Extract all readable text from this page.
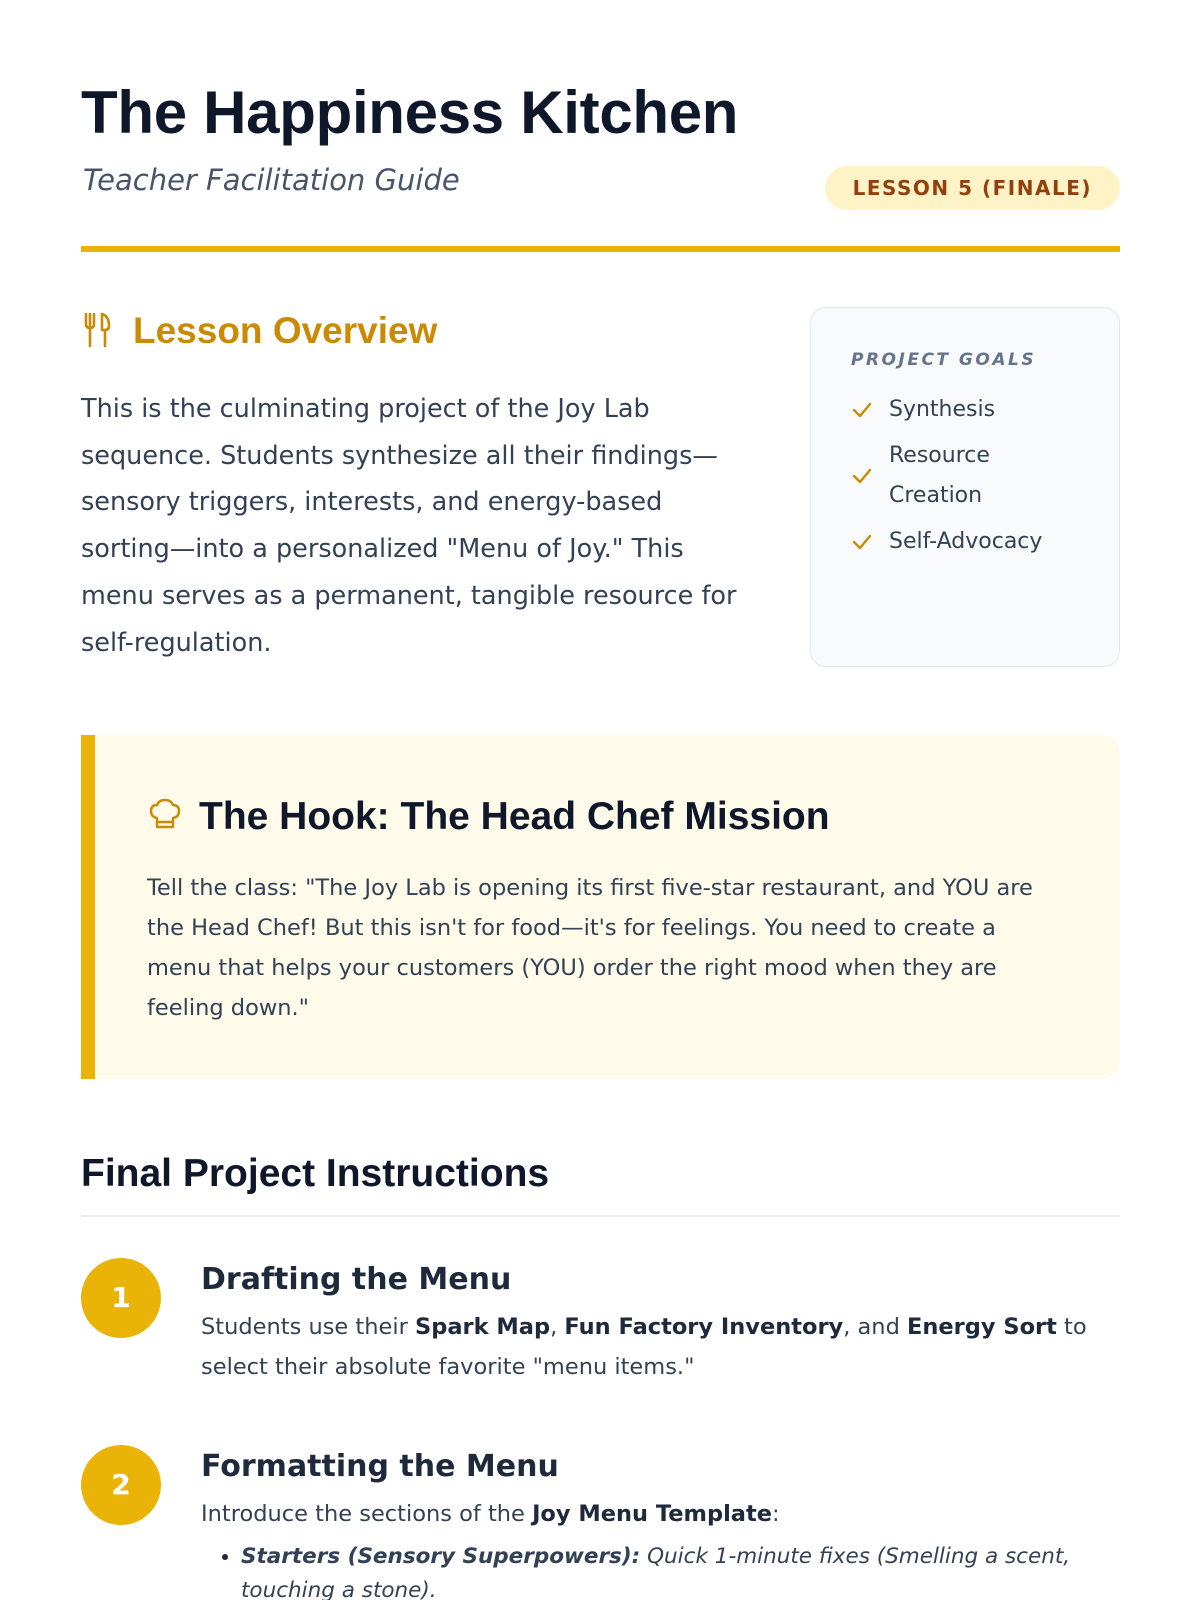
The Happiness Kitchen
Teacher Facilitation Guide	LESSON 5 (FINALE)
Lesson Overview

This is the culminating project of the Joy Lab sequence. Students synthesize all their findings—sensory triggers, interests, and energy-based sorting—into a personalized "Menu of Joy." This menu serves as a permanent, tangible resource for self-regulation.

PROJECT GOALS
Synthesis
Resource Creation
Self-Advocacy
The Hook: The Head Chef Mission

Tell the class: "The Joy Lab is opening its first five-star restaurant, and YOU are the Head Chef! But this isn't for food—it's for feelings. You need to create a menu that helps your customers (YOU) order the right mood when they are feeling down."

Final Project Instructions
1
Drafting the Menu

Students use their Spark Map, Fun Factory Inventory, and Energy Sort to select their absolute favorite "menu items."

2
Formatting the Menu

Introduce the sections of the Joy Menu Template:

• Starters (Sensory Superpowers): Quick 1-minute fixes (Smelling a scent, touching a stone).
